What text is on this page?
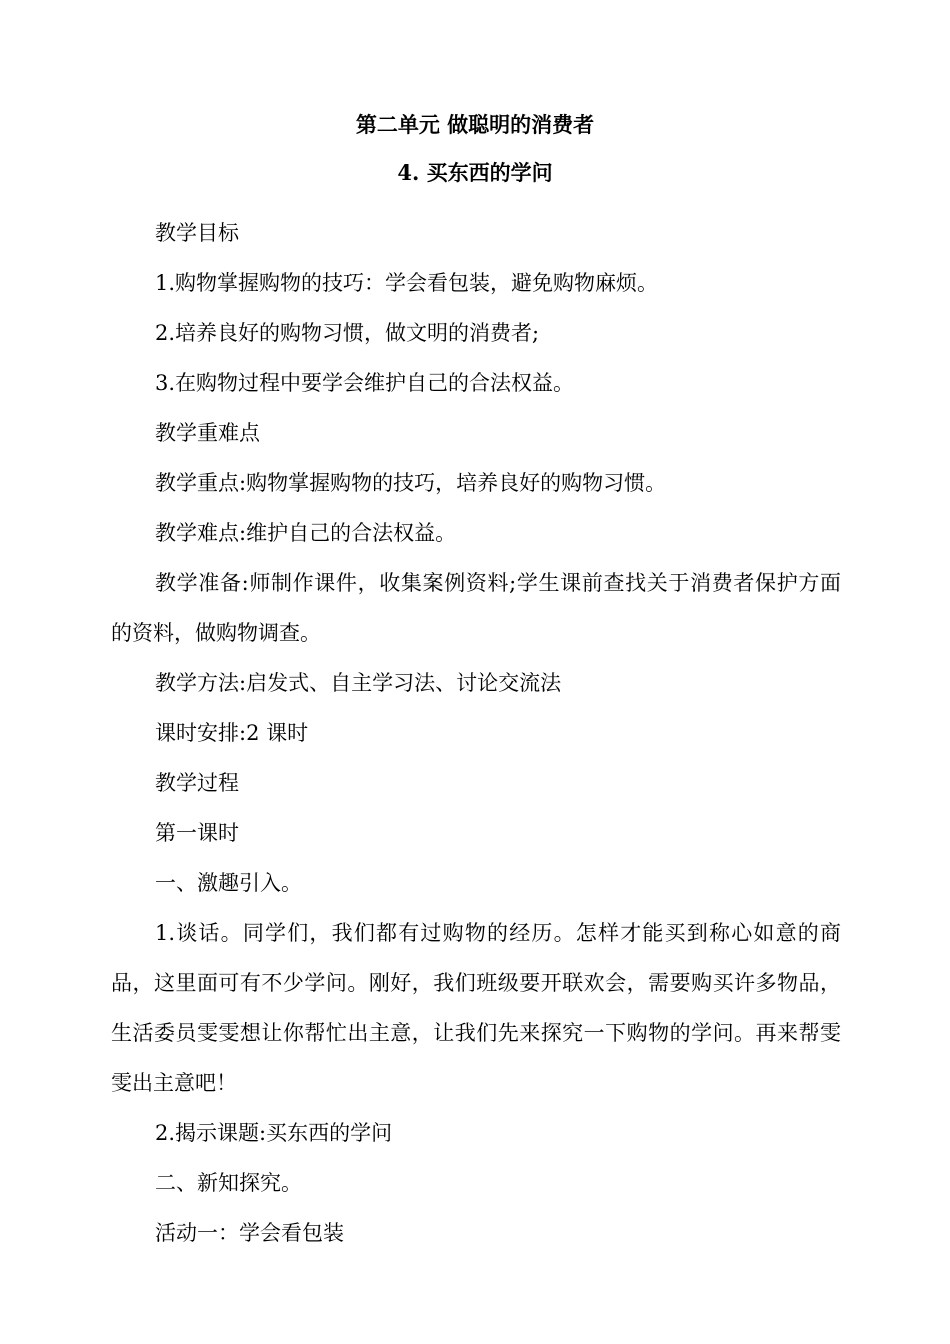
第二单元 做聪明的消费者
4. 买东西的学问

教学目标

1.购物掌握购物的技巧：学会看包装，避免购物麻烦。

2.培养良好的购物习惯，做文明的消费者;

3.在购物过程中要学会维护自己的合法权益。

教学重难点

教学重点:购物掌握购物的技巧，培养良好的购物习惯。

教学难点:维护自己的合法权益。

教学准备:师制作课件，收集案例资料;学生课前查找关于消费者保护方面的资料，做购物调查。

教学方法:启发式、自主学习法、讨论交流法

课时安排:2 课时

教学过程

第一课时

一、激趣引入。

1.谈话。同学们，我们都有过购物的经历。怎样才能买到称心如意的商品，这里面可有不少学问。刚好，我们班级要开联欢会，需要购买许多物品，生活委员雯雯想让你帮忙出主意，让我们先来探究一下购物的学问。再来帮雯雯出主意吧！

2.揭示课题:买东西的学问

二、新知探究。

活动一：学会看包装
